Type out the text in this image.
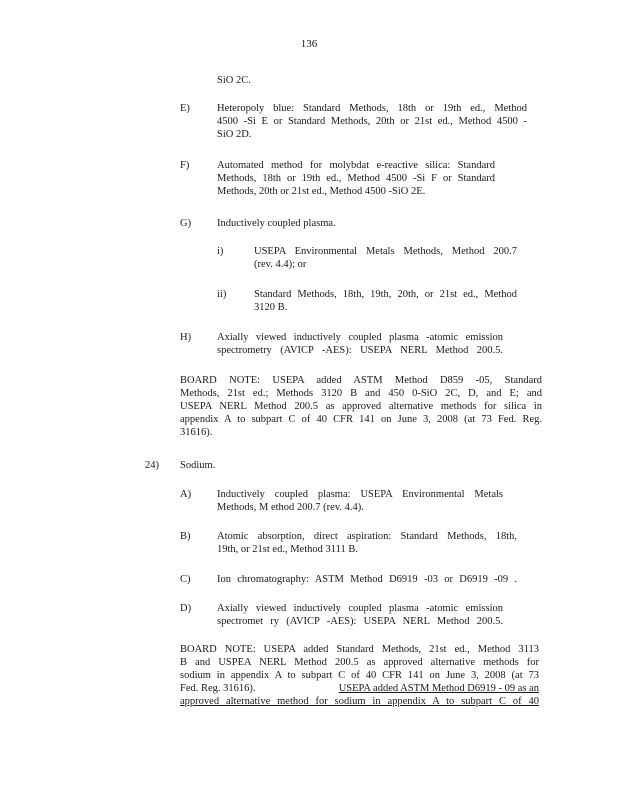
136
SiO 2C.
E)	Heteropoly blue: Standard Methods, 18th or 19th ed., Method
4500 -Si E or Standard Methods, 20th or 21st ed., Method 4500 -
SiO 2D.
F)	Automated method for molybdat e-reactive silica: Standard
Methods, 18th or 19th ed., Method 4500 -Si F or Standard
Methods, 20th or 21st ed., Method 4500 -SiO 2E.
G) Inductively coupled plasma.
i)	USEPA Environmental Metals Methods, Method 200.7
(rev. 4.4); or
ii)	Standard Methods, 18th, 19th, 20th, or 21st ed., Method
3120 B.
H) Axially viewed inductively coupled plasma -atomic emission
spectrometry (AVICP -AES): USEPA NERL Method 200.5.
BOARD NOTE: USEPA added ASTM Method D859 -05, Standard
Methods, 21st ed.; Methods 3120 B and 450 0-SiO 2C, D, and E; and
USEPA NERL Method 200.5 as approved alternative methods for silica in
appendix A to subpart C of 40 CFR 141 on June 3, 2008 (at 73 Fed. Reg.
31616).
24) Sodium.
A) Inductively coupled plasma: USEPA Environmental Metals
Methods, M ethod 200.7 (rev. 4.4).
B)	Atomic absorption, direct aspiration: Standard Methods, 18th,
19th, or 21st ed., Method 3111 B.
C)	Ion chromatography: ASTM Method D6919 -03 or D6919 -09 .
D) Axially viewed inductively coupled plasma -atomic emission
spectromet ry (AVICP -AES): USEPA NERL Method 200.5.
BOARD NOTE: USEPA added Standard Methods, 21st ed., Method 3113
B and USPEA NERL Method 200.5 as approved alternative methods for
sodium in appendix A to subpart C of 40 CFR 141 on June 3, 2008 (at 73
Fed. Reg. 31616).	USEPA added ASTM Method D6919 - 09 as an
approved alternative method for sodium in appendix A to subpart C of 40
